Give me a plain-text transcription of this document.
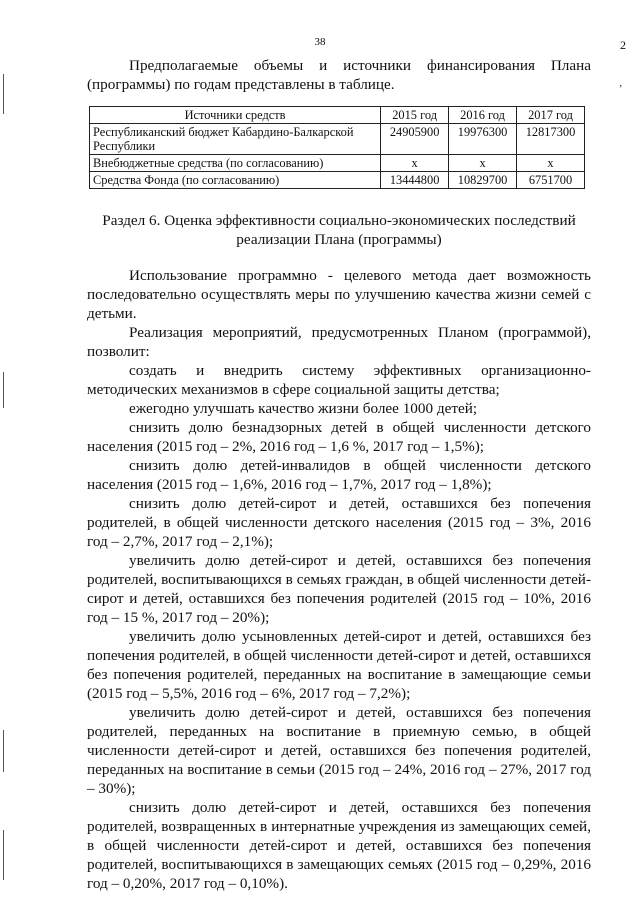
38	2
,

Предполагаемые объемы и источники финансирования Плана (программы) по годам представлены в таблице.

Источники средств	2015 год	2016 год	2017 год
Республиканский бюджет Кабардино-Балкарской Республики	24905900	19976300	12817300
Внебюджетные средства (по согласованию)	х	х	х
Средства Фонда (по согласованию)	13444800	10829700	6751700
Раздел 6. Оценка эффективности социально-экономических последствий реализации Плана (программы)

Использование программно - целевого метода дает возможность последовательно осуществлять меры по улучшению качества жизни семей с детьми.

Реализация мероприятий, предусмотренных Планом (программой), позволит:

создать и внедрить систему эффективных организационно-методических механизмов в сфере социальной защиты детства;

ежегодно улучшать качество жизни более 1000 детей;

снизить долю безнадзорных детей в общей численности детского населения (2015 год – 2%, 2016 год – 1,6 %, 2017 год – 1,5%);

снизить долю детей-инвалидов в общей численности детского населения (2015 год – 1,6%, 2016 год – 1,7%, 2017 год – 1,8%);

снизить долю детей-сирот и детей, оставшихся без попечения родителей, в общей численности детского населения (2015 год – 3%, 2016 год – 2,7%, 2017 год – 2,1%);

увеличить долю детей-сирот и детей, оставшихся без попечения родителей, воспитывающихся в семьях граждан, в общей численности детей-сирот и детей, оставшихся без попечения родителей (2015 год – 10%, 2016 год – 15 %, 2017 год – 20%);

увеличить долю усыновленных детей-сирот и детей, оставшихся без попечения родителей, в общей численности детей-сирот и детей, оставшихся без попечения родителей, переданных на воспитание в замещающие семьи (2015 год – 5,5%, 2016 год – 6%, 2017 год – 7,2%);

увеличить долю детей-сирот и детей, оставшихся без попечения родителей, переданных на воспитание в приемную семью, в общей численности детей-сирот и детей, оставшихся без попечения родителей, переданных на воспитание в семьи (2015 год – 24%, 2016 год – 27%, 2017 год – 30%);

снизить долю детей-сирот и детей, оставшихся без попечения родителей, возвращенных в интернатные учреждения из замещающих семей, в общей численности детей-сирот и детей, оставшихся без попечения родителей, воспитывающихся в замещающих семьях (2015 год – 0,29%, 2016 год – 0,20%, 2017 год – 0,10%).
